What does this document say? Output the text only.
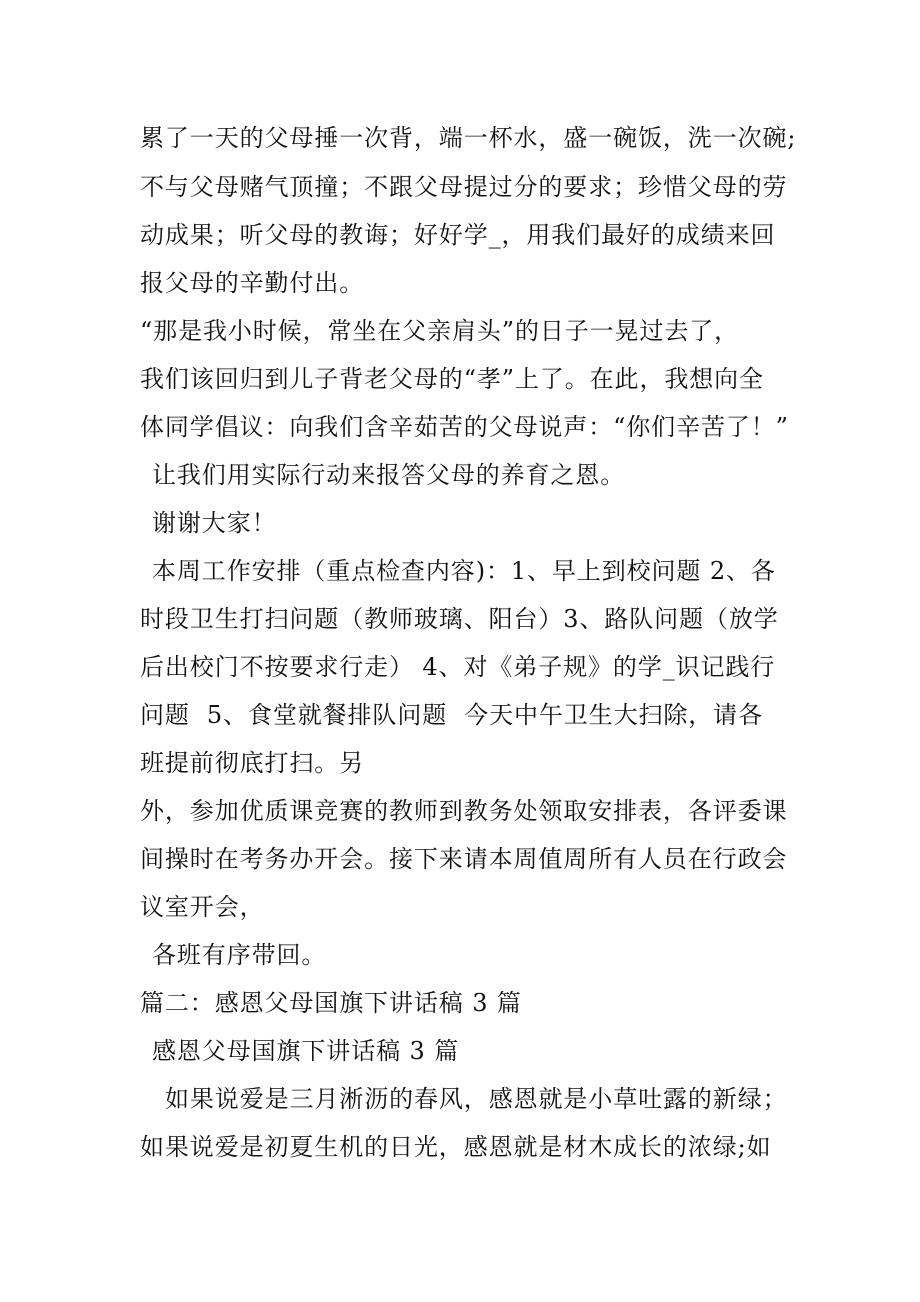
累了一天的父母捶一次背，端一杯水，盛一碗饭，洗一次碗;

不与父母赌气顶撞；不跟父母提过分的要求；珍惜父母的劳

动成果；听父母的教诲；好好学_，用我们最好的成绩来回

报父母的辛勤付出。

“那是我小时候，常坐在父亲肩头”的日子一晃过去了，

我们该回归到儿子背老父母的“孝”上了。在此，我想向全

体同学倡议：向我们含辛茹苦的父母说声：“你们辛苦了！”

让我们用实际行动来报答父母的养育之恩。

谢谢大家！

本周工作安排（重点检查内容)：1、早上到校问题 2、各

时段卫生打扫问题（教师玻璃、阳台）3、路队问题（放学

后出校门不按要求行走） 4、对《弟子规》的学_识记践行

问题  5、食堂就餐排队问题  今天中午卫生大扫除，请各

班提前彻底打扫。另

外，参加优质课竞赛的教师到教务处领取安排表，各评委课

间操时在考务办开会。接下来请本周值周所有人员在行政会

议室开会，

各班有序带回。

篇二：感恩父母国旗下讲话稿 3 篇

感恩父母国旗下讲话稿 3 篇

如果说爱是三月淅沥的春风，感恩就是小草吐露的新绿；

如果说爱是初夏生机的日光，感恩就是材木成长的浓绿;如
